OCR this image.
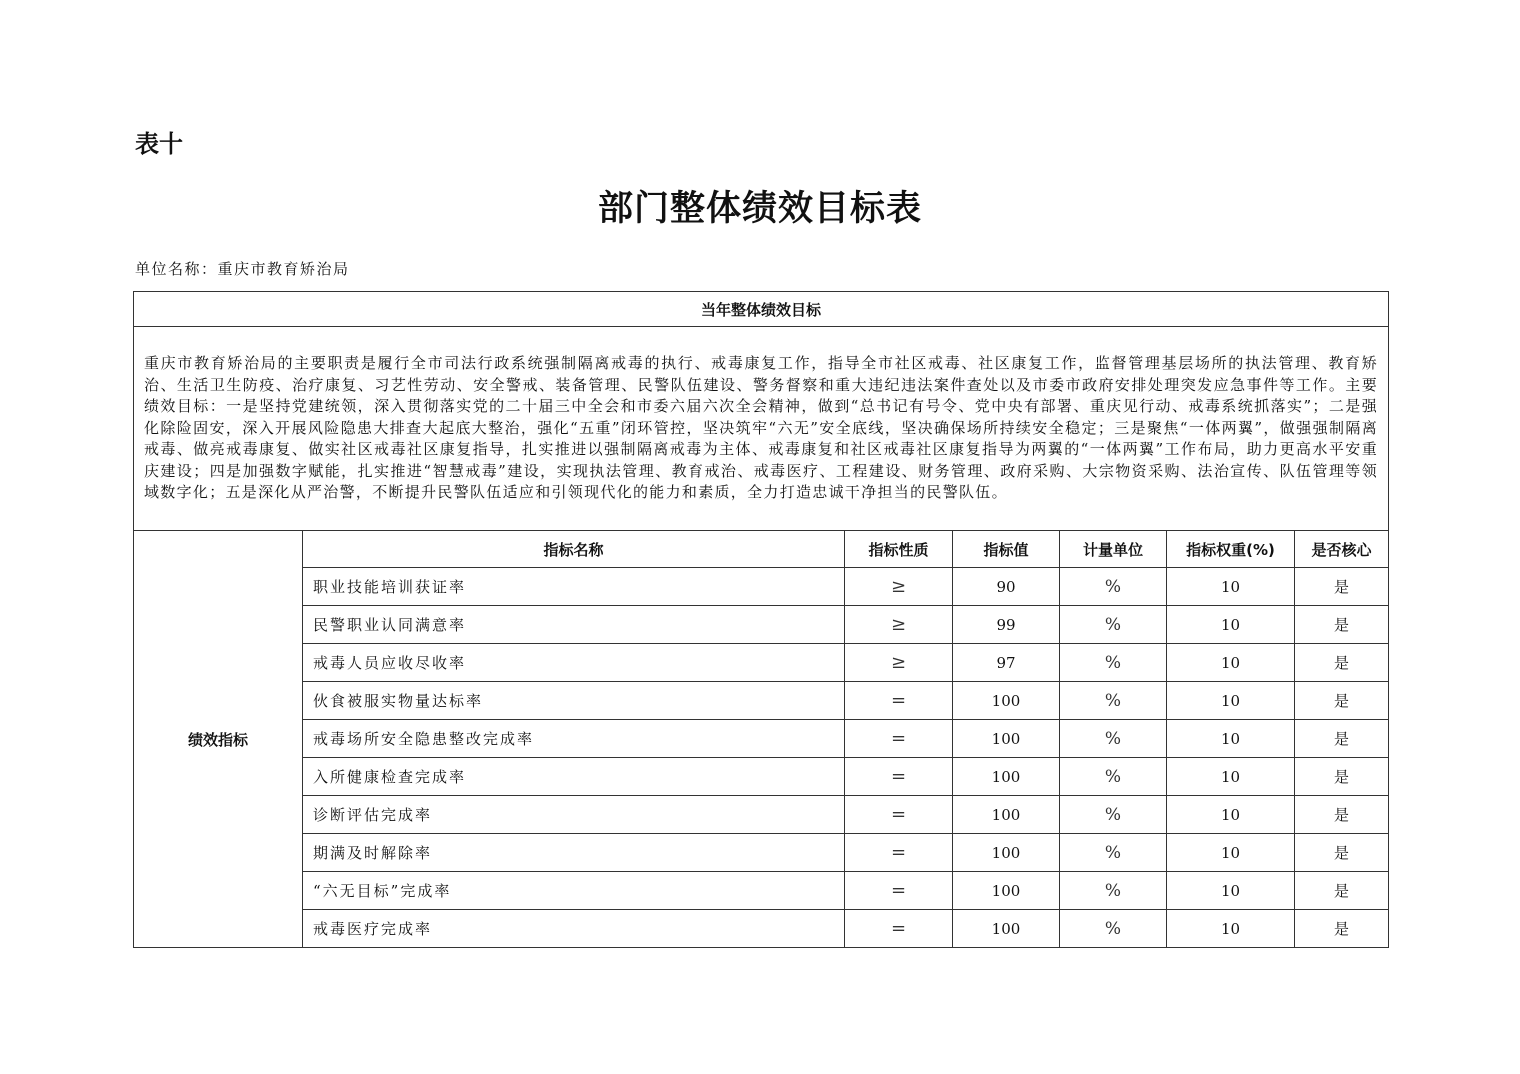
表十
部门整体绩效目标表
单位名称：重庆市教育矫治局
当年整体绩效目标						
重庆市教育矫治局的主要职责是履行全市司法行政系统强制隔离戒毒的执行、戒毒康复工作，指导全市社区戒毒、社区康复工作，监督管理基层场所的执法管理、教育矫治、生活卫生防疫、治疗康复、习艺性劳动、安全警戒、装备管理、民警队伍建设、警务督察和重大违纪违法案件查处以及市委市政府安排处理突发应急事件等工作。主要绩效目标：一是坚持党建统领，深入贯彻落实党的二十届三中全会和市委六届六次全会精神，做到“总书记有号令、党中央有部署、重庆见行动、戒毒系统抓落实”；二是强化除险固安，深入开展风险隐患大排查大起底大整治，强化“五重”闭环管控，坚决筑牢“六无”安全底线，坚决确保场所持续安全稳定；三是聚焦“一体两翼”，做强强制隔离戒毒、做亮戒毒康复、做实社区戒毒社区康复指导，扎实推进以强制隔离戒毒为主体、戒毒康复和社区戒毒社区康复指导为两翼的“一体两翼”工作布局，助力更高水平安重庆建设；四是加强数字赋能，扎实推进“智慧戒毒”建设，实现执法管理、教育戒治、戒毒医疗、工程建设、财务管理、政府采购、大宗物资采购、法治宣传、队伍管理等领域数字化；五是深化从严治警，不断提升民警队伍适应和引领现代化的能力和素质，全力打造忠诚干净担当的民警队伍。						
绩效指标	指标名称	指标性质	指标值	计量单位	指标权重(%)	是否核心
	职业技能培训获证率	≥	90	%	10	是
	民警职业认同满意率	≥	99	%	10	是
	戒毒人员应收尽收率	≥	97	%	10	是
	伙食被服实物量达标率	=	100	%	10	是
	戒毒场所安全隐患整改完成率	=	100	%	10	是
	入所健康检查完成率	=	100	%	10	是
	诊断评估完成率	=	100	%	10	是
	期满及时解除率	=	100	%	10	是
	“六无目标”完成率	=	100	%	10	是
	戒毒医疗完成率	=	100	%	10	是
